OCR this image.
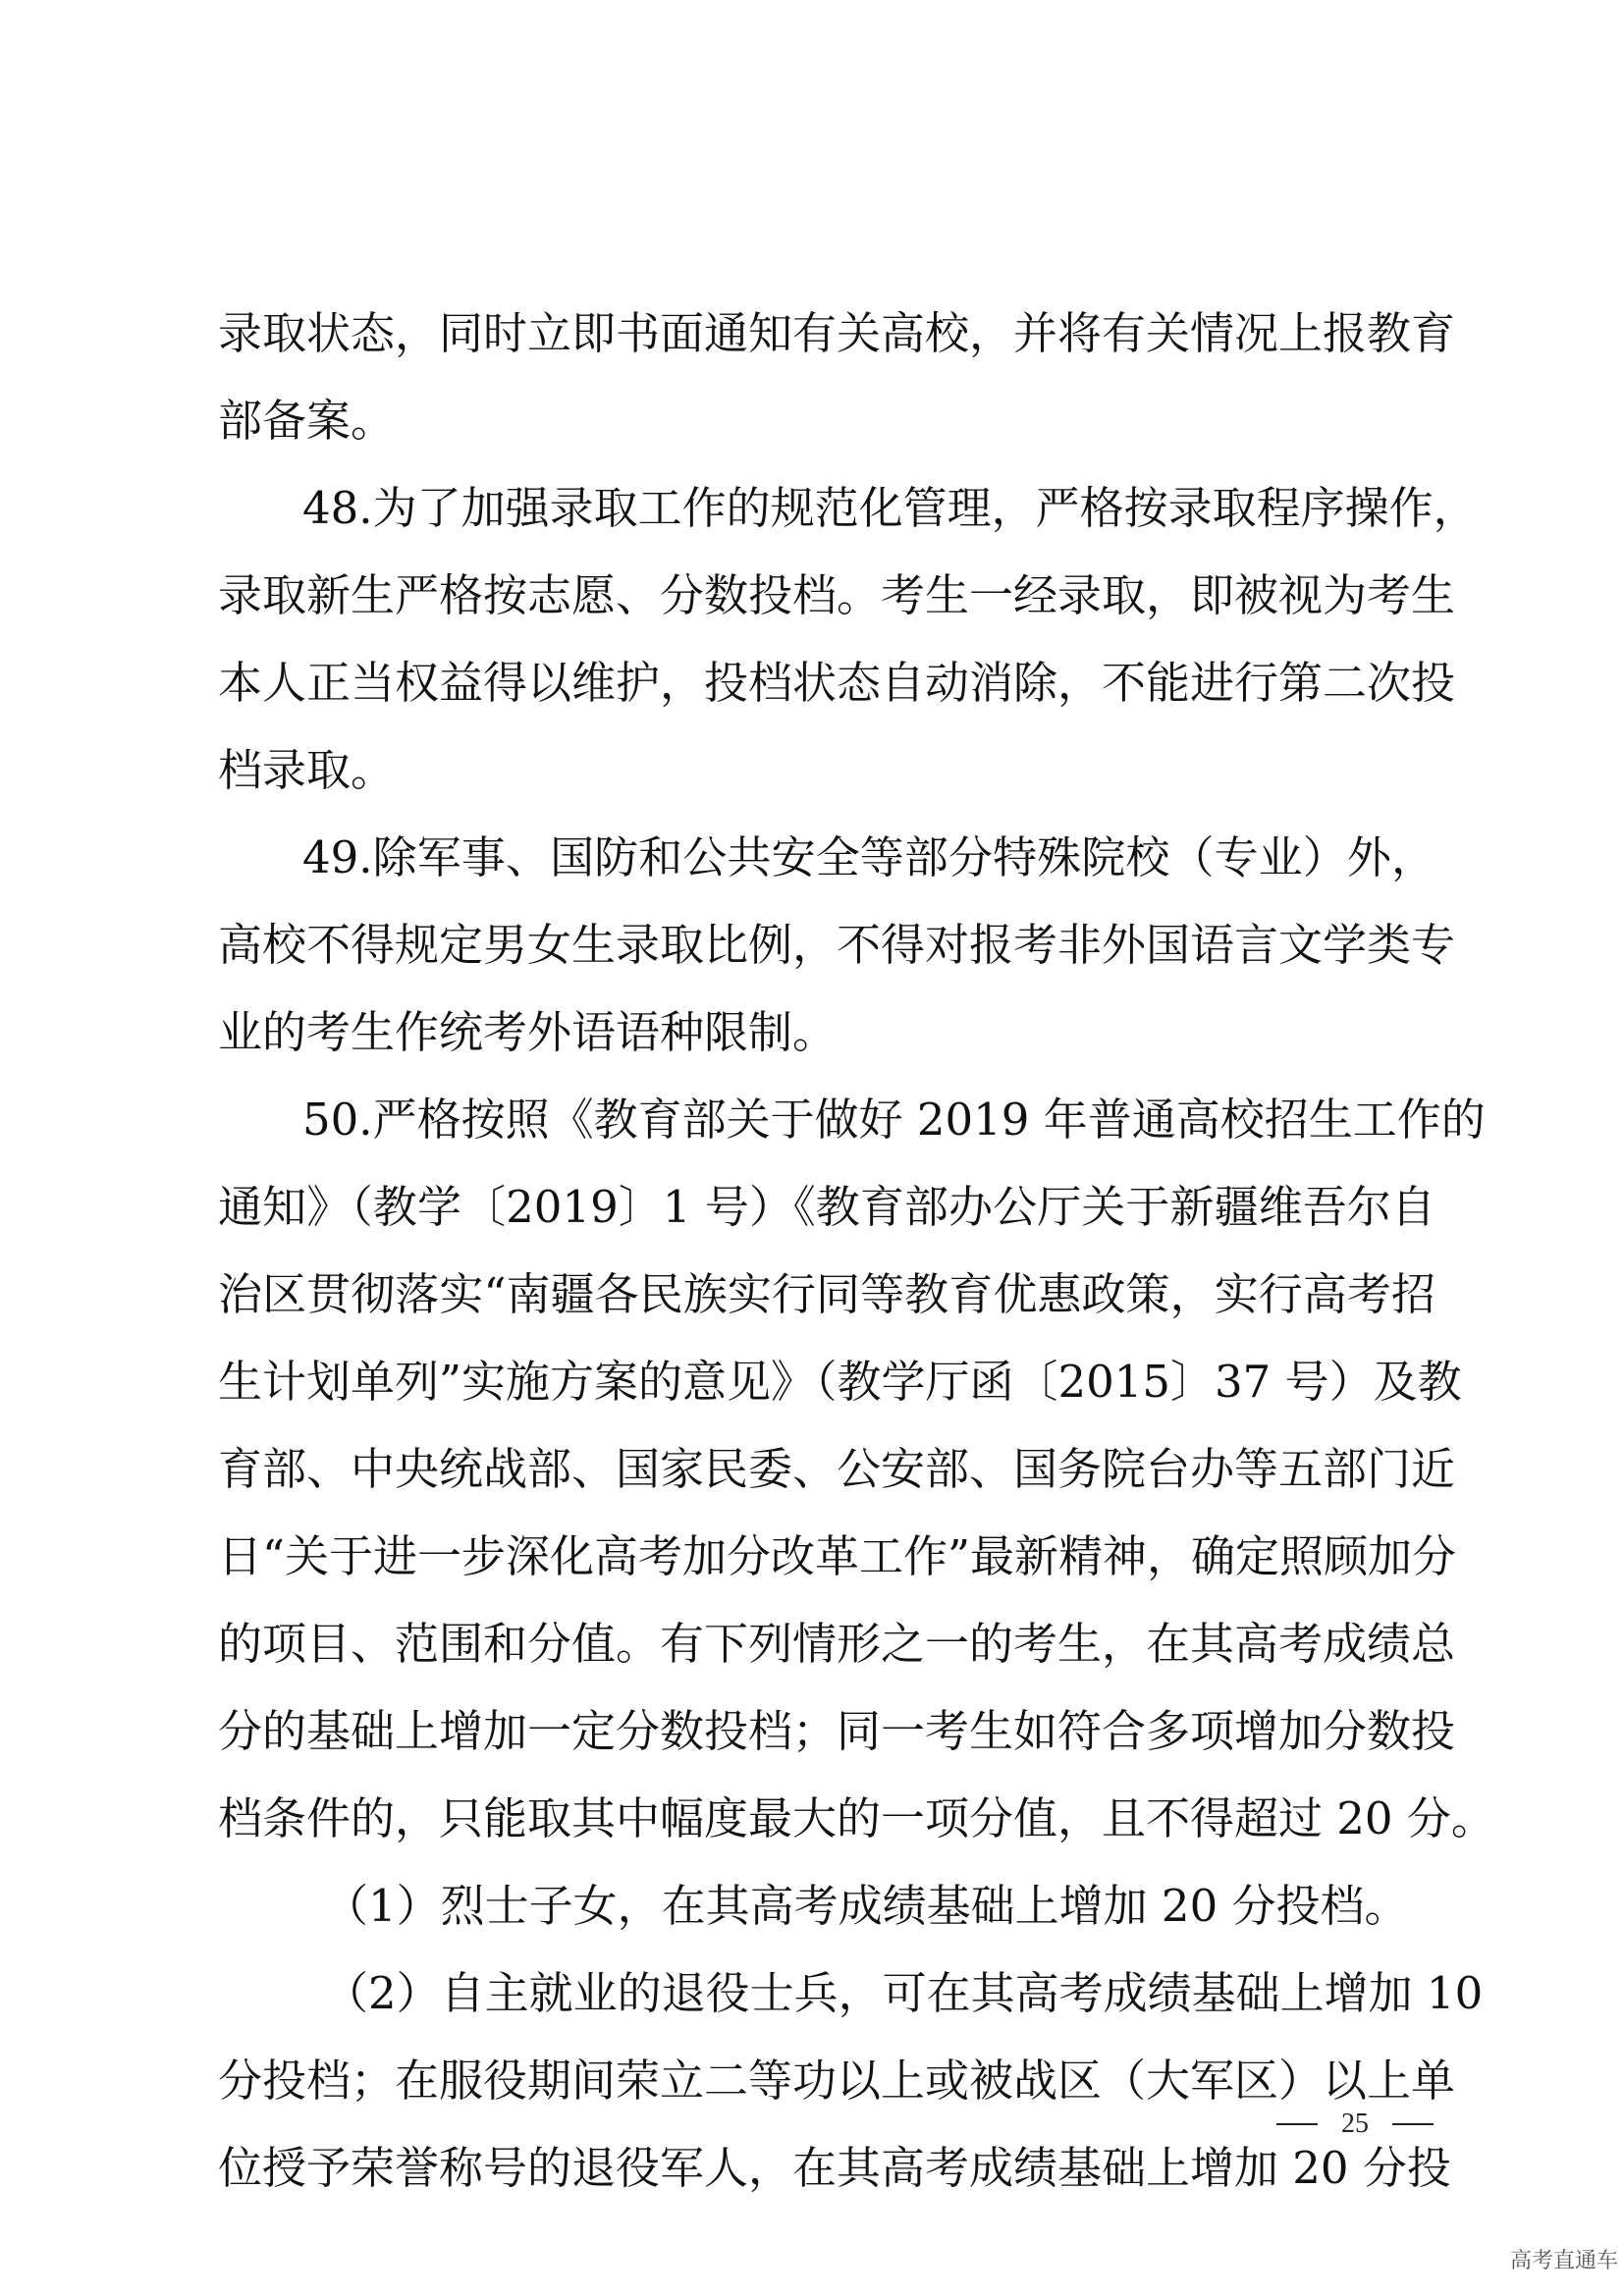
录取状态，同时立即书面通知有关高校，并将有关情况上报教育

部备案。

48.为了加强录取工作的规范化管理，严格按录取程序操作，

录取新生严格按志愿、分数投档。考生一经录取，即被视为考生

本人正当权益得以维护，投档状态自动消除，不能进行第二次投

档录取。

49.除军事、国防和公共安全等部分特殊院校（专业）外，

高校不得规定男女生录取比例，不得对报考非外国语言文学类专

业的考生作统考外语语种限制。

50.严格按照《教育部关于做好 2019 年普通高校招生工作的

通知》（教学〔2019〕1 号）《教育部办公厅关于新疆维吾尔自

治区贯彻落实“南疆各民族实行同等教育优惠政策，实行高考招

生计划单列”实施方案的意见》（教学厅函〔2015〕37 号）及教

育部、中央统战部、国家民委、公安部、国务院台办等五部门近

日“关于进一步深化高考加分改革工作”最新精神，确定照顾加分

的项目、范围和分值。有下列情形之一的考生，在其高考成绩总

分的基础上增加一定分数投档；同一考生如符合多项增加分数投

档条件的，只能取其中幅度最大的一项分值，且不得超过 20 分。

（1）烈士子女，在其高考成绩基础上增加 20 分投档。

（2）自主就业的退役士兵，可在其高考成绩基础上增加 10

分投档；在服役期间荣立二等功以上或被战区（大军区）以上单

位授予荣誉称号的退役军人，在其高考成绩基础上增加 20 分投

25
高考直通车
